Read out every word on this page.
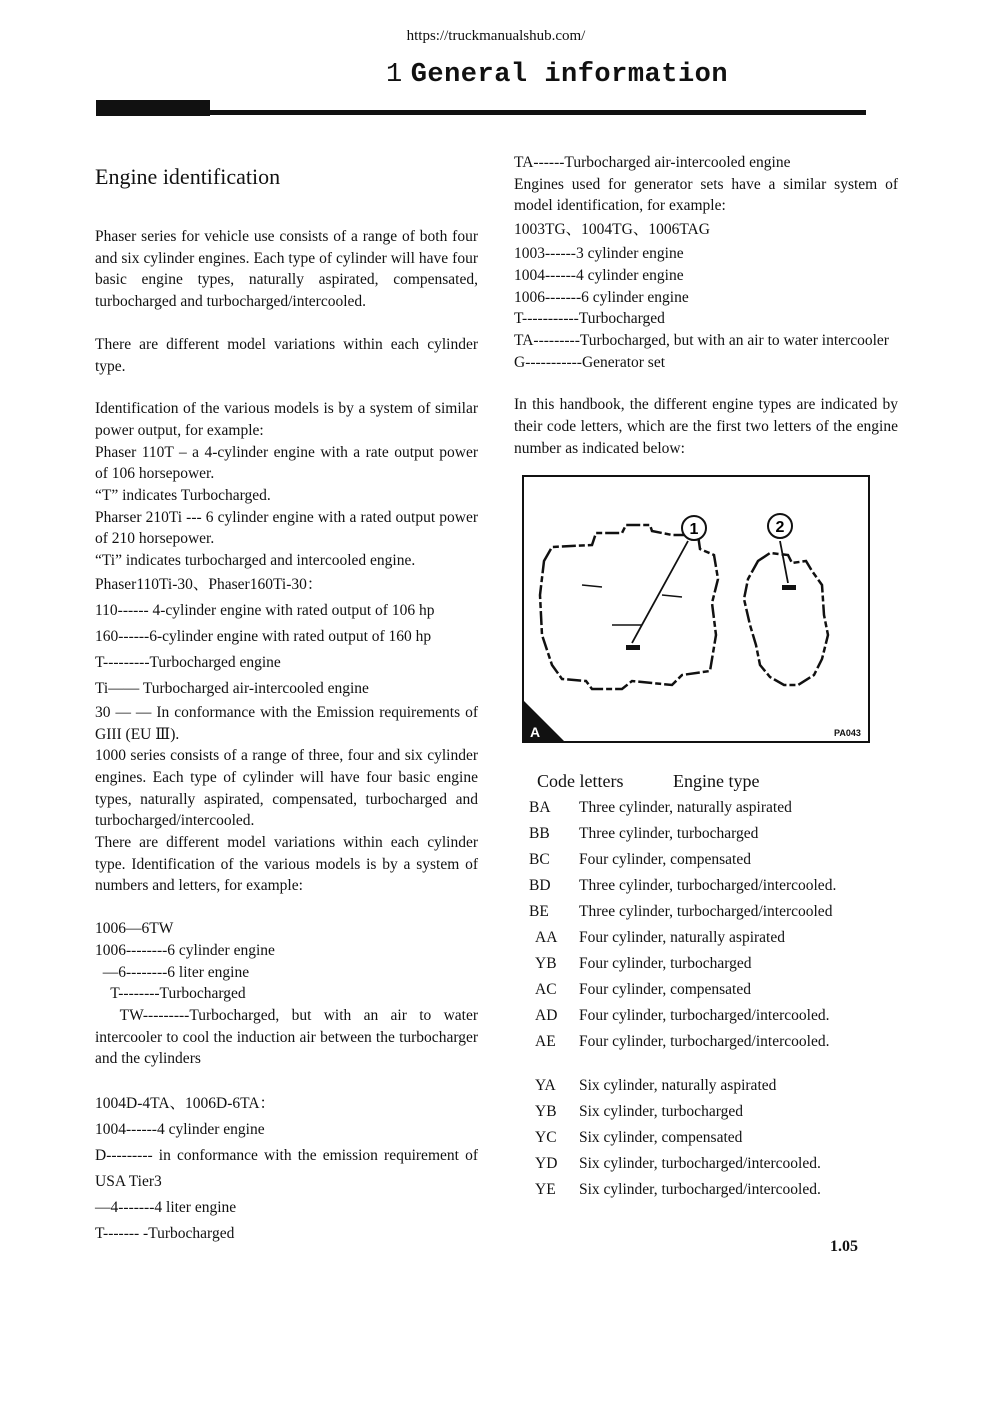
https://truckmanualshub.com/
1 General information
Engine identification

Phaser series for vehicle use consists of a range of both four and six cylinder engines. Each type of cylinder will have four basic engine types, naturally aspirated, compensated, turbocharged and turbocharged/intercooled.

There are different model variations within each cylinder type.

Identification of the various models is by a system of similar power output, for example:

Phaser 110T – a 4-cylinder engine with a rate output power of 106 horsepower.

“T” indicates Turbocharged.

Pharser 210Ti --- 6 cylinder engine with a rated output power of 210 horsepower.

“Ti” indicates turbocharged and intercooled engine.

Phaser110Ti-30、Phaser160Ti-30：

110------ 4-cylinder engine with rated output of 106 hp

160------6-cylinder engine with rated output of 160 hp

T---------Turbocharged engine

Ti—— Turbocharged air-intercooled engine

30 — — In conformance with the Emission requirements of GIII (EU Ⅲ).

1000 series consists of a range of three, four and six cylinder engines. Each type of cylinder will have four basic engine types, naturally aspirated, compensated, turbocharged and turbocharged/intercooled.

There are different model variations within each cylinder type. Identification of the various models is by a system of numbers and letters, for example:

1006—6TW

1006--------6 cylinder engine

—6--------6 liter engine

T--------Turbocharged

TW---------Turbocharged, but with an air to water intercooler to cool the induction air between the turbocharger and the cylinders

1004D-4TA、1006D-6TA：

1004------4 cylinder engine

D--------- in conformance with the emission requirement of USA Tier3

—4-------4 liter engine

T------- -Turbocharged

TA------Turbocharged air-intercooled engine

Engines used for generator sets have a similar system of model identification, for example:

1003TG、1004TG、1006TAG

1003------3 cylinder engine

1004------4 cylinder engine

1006-------6 cylinder engine

T-----------Turbocharged

TA---------Turbocharged, but with an air to water intercooler

G-----------Generator set

In this handbook, the different engine types are indicated by their code letters, which are the first two letters of the engine number as indicated below:

1	2
A	PA043
Code letters	Engine type
BA	Three cylinder, naturally aspirated
BB	Three cylinder, turbocharged
BC	Four cylinder, compensated
BD	Three cylinder, turbocharged/intercooled.
BE	Three cylinder, turbocharged/intercooled
AA	Four cylinder, naturally aspirated
YB	Four cylinder, turbocharged
AC	Four cylinder, compensated
AD	Four cylinder, turbocharged/intercooled.
AE	Four cylinder, turbocharged/intercooled.
YA	Six cylinder, naturally aspirated
YB	Six cylinder, turbocharged
YC	Six cylinder, compensated
YD	Six cylinder, turbocharged/intercooled.
YE	Six cylinder, turbocharged/intercooled.
1.05
